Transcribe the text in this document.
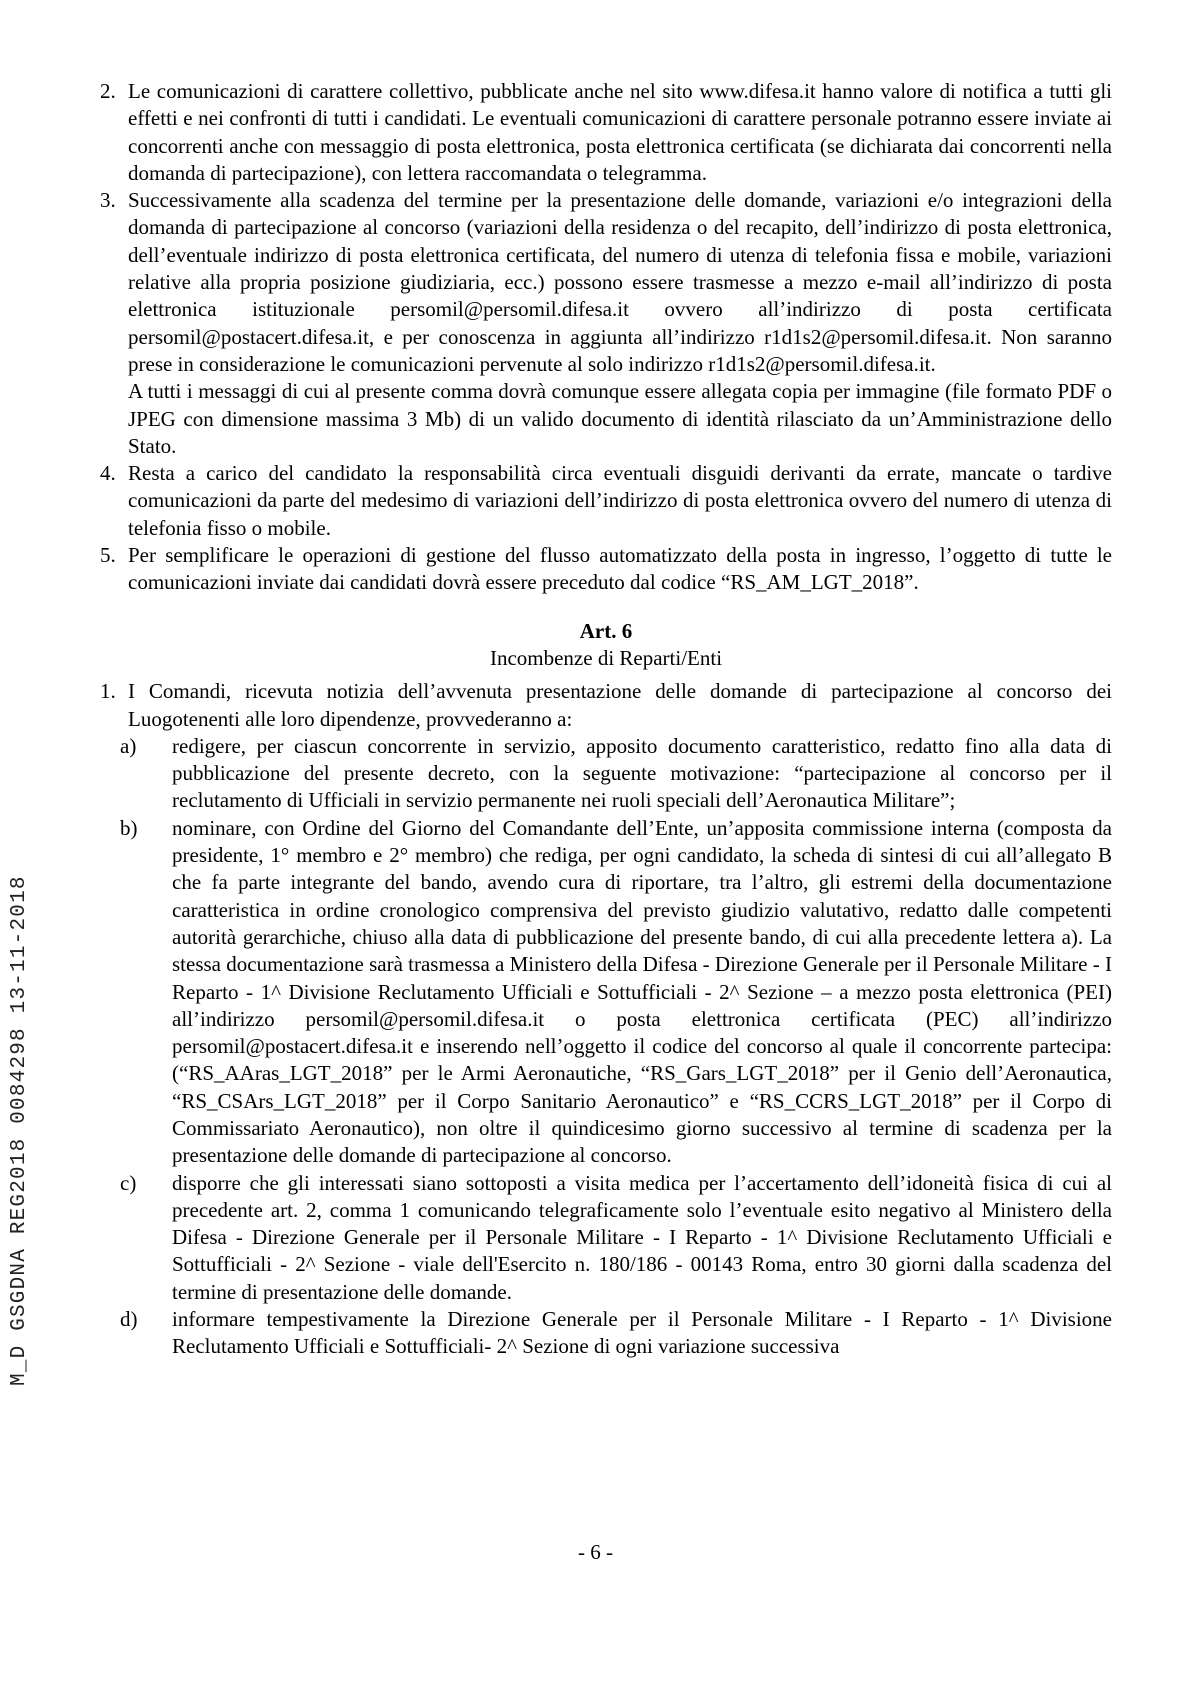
M_D GSGDNA REG2018 0084298 13-11-2018
2. Le comunicazioni di carattere collettivo, pubblicate anche nel sito www.difesa.it hanno valore di notifica a tutti gli effetti e nei confronti di tutti i candidati. Le eventuali comunicazioni di carattere personale potranno essere inviate ai concorrenti anche con messaggio di posta elettronica, posta elettronica certificata (se dichiarata dai concorrenti nella domanda di partecipazione), con lettera raccomandata o telegramma.

3. Successivamente alla scadenza del termine per la presentazione delle domande, variazioni e/o integrazioni della domanda di partecipazione al concorso (variazioni della residenza o del recapito, dell’indirizzo di posta elettronica, dell’eventuale indirizzo di posta elettronica certificata, del numero di utenza di telefonia fissa e mobile, variazioni relative alla propria posizione giudiziaria, ecc.) possono essere trasmesse a mezzo e-mail all’indirizzo di posta elettronica istituzionale persomil@persomil.difesa.it ovvero all’indirizzo di posta certificata persomil@postacert.difesa.it, e per conoscenza in aggiunta all’indirizzo r1d1s2@persomil.difesa.it. Non saranno prese in considerazione le comunicazioni pervenute al solo indirizzo r1d1s2@persomil.difesa.it.

A tutti i messaggi di cui al presente comma dovrà comunque essere allegata copia per immagine (file formato PDF o JPEG con dimensione massima 3 Mb) di un valido documento di identità rilasciato da un’Amministrazione dello Stato.

4. Resta a carico del candidato la responsabilità circa eventuali disguidi derivanti da errate, mancate o tardive comunicazioni da parte del medesimo di variazioni dell’indirizzo di posta elettronica ovvero del numero di utenza di telefonia fisso o mobile.

5. Per semplificare le operazioni di gestione del flusso automatizzato della posta in ingresso, l’oggetto di tutte le comunicazioni inviate dai candidati dovrà essere preceduto dal codice “RS_AM_LGT_2018”.

Art. 6
Incombenze di Reparti/Enti
1. I Comandi, ricevuta notizia dell’avvenuta presentazione delle domande di partecipazione al concorso dei Luogotenenti alle loro dipendenze, provvederanno a:

a)	redigere, per ciascun concorrente in servizio, apposito documento caratteristico, redatto fino alla data di pubblicazione del presente decreto, con la seguente motivazione: “partecipazione al concorso per il reclutamento di Ufficiali in servizio permanente nei ruoli speciali dell’Aeronautica Militare”;

b)	nominare, con Ordine del Giorno del Comandante dell’Ente, un’apposita commissione interna (composta da presidente, 1° membro e 2° membro) che rediga, per ogni candidato, la scheda di sintesi di cui all’allegato B che fa parte integrante del bando, avendo cura di riportare, tra l’altro, gli estremi della documentazione caratteristica in ordine cronologico comprensiva del previsto giudizio valutativo, redatto dalle competenti autorità gerarchiche, chiuso alla data di pubblicazione del presente bando, di cui alla precedente lettera a). La stessa documentazione sarà trasmessa a Ministero della Difesa - Direzione Generale per il Personale Militare - I Reparto - 1^ Divisione Reclutamento Ufficiali e Sottufficiali - 2^ Sezione – a mezzo posta elettronica (PEI) all’indirizzo persomil@persomil.difesa.it o posta elettronica certificata (PEC) all’indirizzo persomil@postacert.difesa.it e inserendo nell’oggetto il codice del concorso al quale il concorrente partecipa: (“RS_AAras_LGT_2018” per le Armi Aeronautiche, “RS_Gars_LGT_2018” per il Genio dell’Aeronautica, “RS_CSArs_LGT_2018” per il Corpo Sanitario Aeronautico” e “RS_CCRS_LGT_2018” per il Corpo di Commissariato Aeronautico), non oltre il quindicesimo giorno successivo al termine di scadenza per la presentazione delle domande di partecipazione al concorso.

c)	disporre che gli interessati siano sottoposti a visita medica per l’accertamento dell’idoneità fisica di cui al precedente art. 2, comma 1 comunicando telegraficamente solo l’eventuale esito negativo al Ministero della Difesa - Direzione Generale per il Personale Militare - I Reparto - 1^ Divisione Reclutamento Ufficiali e Sottufficiali - 2^ Sezione - viale dell'Esercito n. 180/186 - 00143 Roma, entro 30 giorni dalla scadenza del termine di presentazione delle domande.

d)	informare tempestivamente la Direzione Generale per il Personale Militare - I Reparto - 1^ Divisione Reclutamento Ufficiali e Sottufficiali- 2^ Sezione di ogni variazione successiva

- 6 -
